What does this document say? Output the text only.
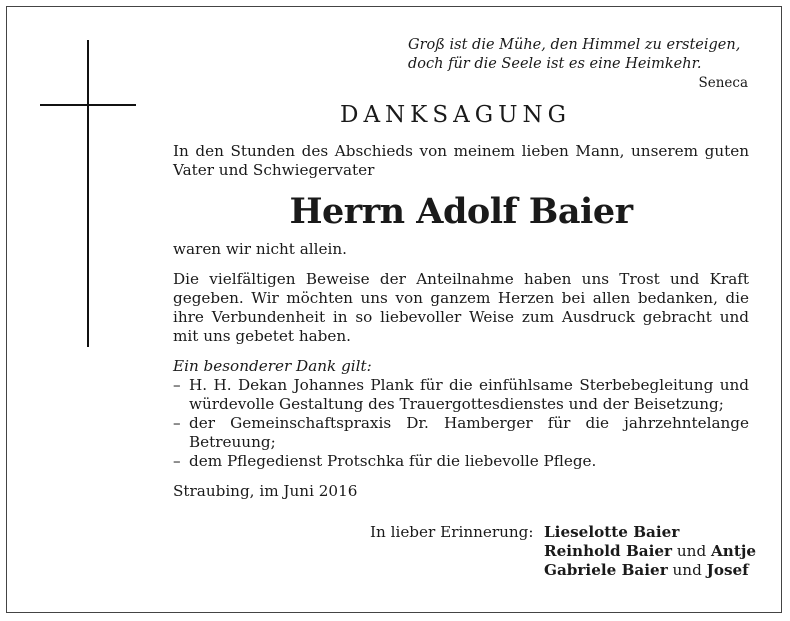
Groß ist die Mühe, den Himmel zu ersteigen,
doch für die Seele ist es eine Heimkehr.
Seneca
DANKSAGUNG

In den Stunden des Abschieds von meinem lieben Mann, unserem guten Vater und Schwiegervater

Herrn Adolf Baier

waren wir nicht allein.

Die vielfältigen Beweise der Anteilnahme haben uns Trost und Kraft gegeben. Wir möchten uns von ganzem Herzen bei allen bedanken, die ihre Verbundenheit in so liebevoller Weise zum Ausdruck gebracht und mit uns gebetet haben.

Ein besonderer Dank gilt:

– H. H. Dekan Johannes Plank für die einfühlsame Sterbebegleitung und würdevolle Gestaltung des Trauergottesdienstes und der Beisetzung;
– der Gemeinschaftspraxis Dr. Hamberger für die jahrzehntelange Betreuung;
– dem Pflegedienst Protschka für die liebevolle Pflege.

Straubing, im Juni 2016

In lieber Erinnerung: Lieselotte Baier
Reinhold Baier und Antje
Gabriele Baier und Josef
